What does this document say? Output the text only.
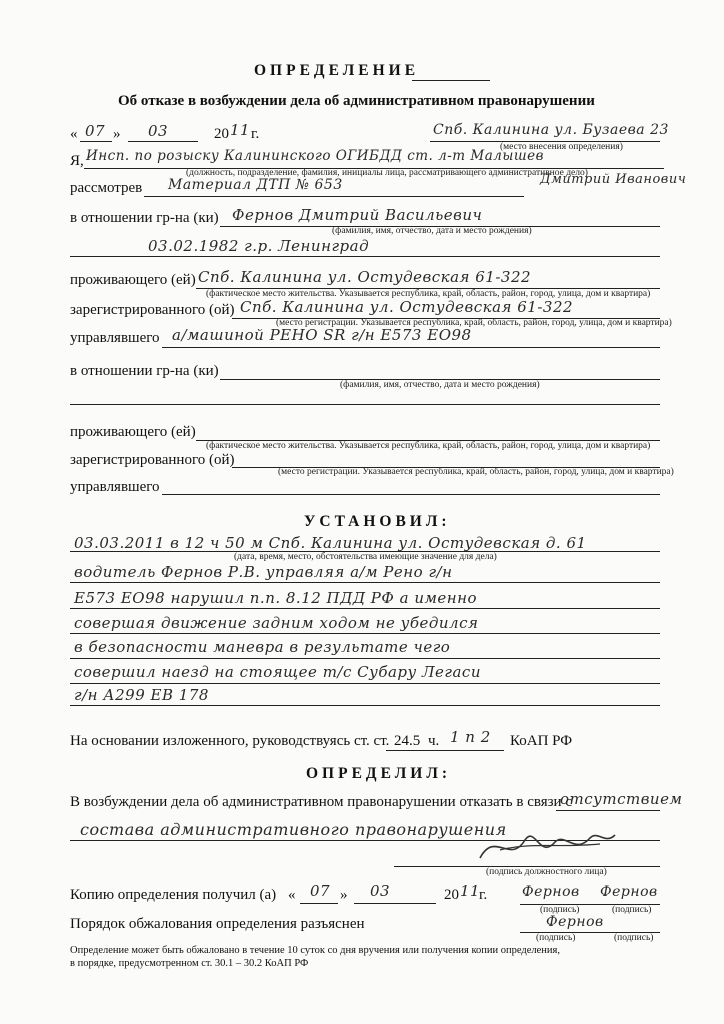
ОПРЕДЕЛЕНИЕ
Об отказе в возбуждении дела об административном правонарушении
« 07 » 03	20 11 г.	Спб. Калинина ул. Бузаева 23
(место внесения определения)
Я, Инсп. по розыску Калининского ОГИБДД ст. л-т Малышев
(должность, подразделение, фамилия, инициалы лица, рассматривающего административное дело)
Дмитрий Иванович
рассмотрев Материал ДТП № 653
в отношении гр-на (ки) Фернов Дмитрий Васильевич
(фамилия, имя, отчество, дата и место рождения)
03.02.1982 г.р. Ленинград
проживающего (ей) Спб. Калинина ул. Остудевская 61-322
(фактическое место жительства. Указывается республика, край, область, район, город, улица, дом и квартира)
зарегистрированного (ой) Спб. Калинина ул. Остудевская 61-322
(место регистрации. Указывается республика, край, область, район, город, улица, дом и квартира)
управлявшего а/машиной РЕНО SR г/н Е573 ЕО98
в отношении гр-на (ки)
(фамилия, имя, отчество, дата и место рождения)
проживающего (ей)
(фактическое место жительства. Указывается республика, край, область, район, город, улица, дом и квартира)
зарегистрированного (ой)
(место регистрации. Указывается республика, край, область, район, город, улица, дом и квартира)
управлявшего
УСТАНОВИЛ:
03.03.2011 в 12 ч 50 м Спб. Калинина ул. Остудевская д. 61
(дата, время, место, обстоятельства имеющие значение для дела)
водитель Фернов Р.В. управляя а/м Рено г/н
Е573 ЕО98 нарушил п.п. 8.12 ПДД РФ а именно
совершая движение задним ходом не убедился
в безопасности маневра в результате чего
совершил наезд на стоящее т/с Субару Легаси
г/н А299 ЕВ 178
На основании изложенного, руководствуясь ст. ст. 24.5 ч. 1 п 2 КоАП РФ
ОПРЕДЕЛИЛ:
В возбуждении дела об административном правонарушении отказать в связи с
отсутствием
состава административного правонарушения
(подпись должностного лица)
Копию определения получил (а) « 07 » 03	20 11
г. Фернов Фернов
(подпись)	(подпись)
Порядок обжалования определения разъяснен	Фернов
(подпись)	(подпись)
Определение может быть обжаловано в течение 10 суток со дня вручения или получения копии определения,
в порядке, предусмотренном ст. 30.1 – 30.2 КоАП РФ
